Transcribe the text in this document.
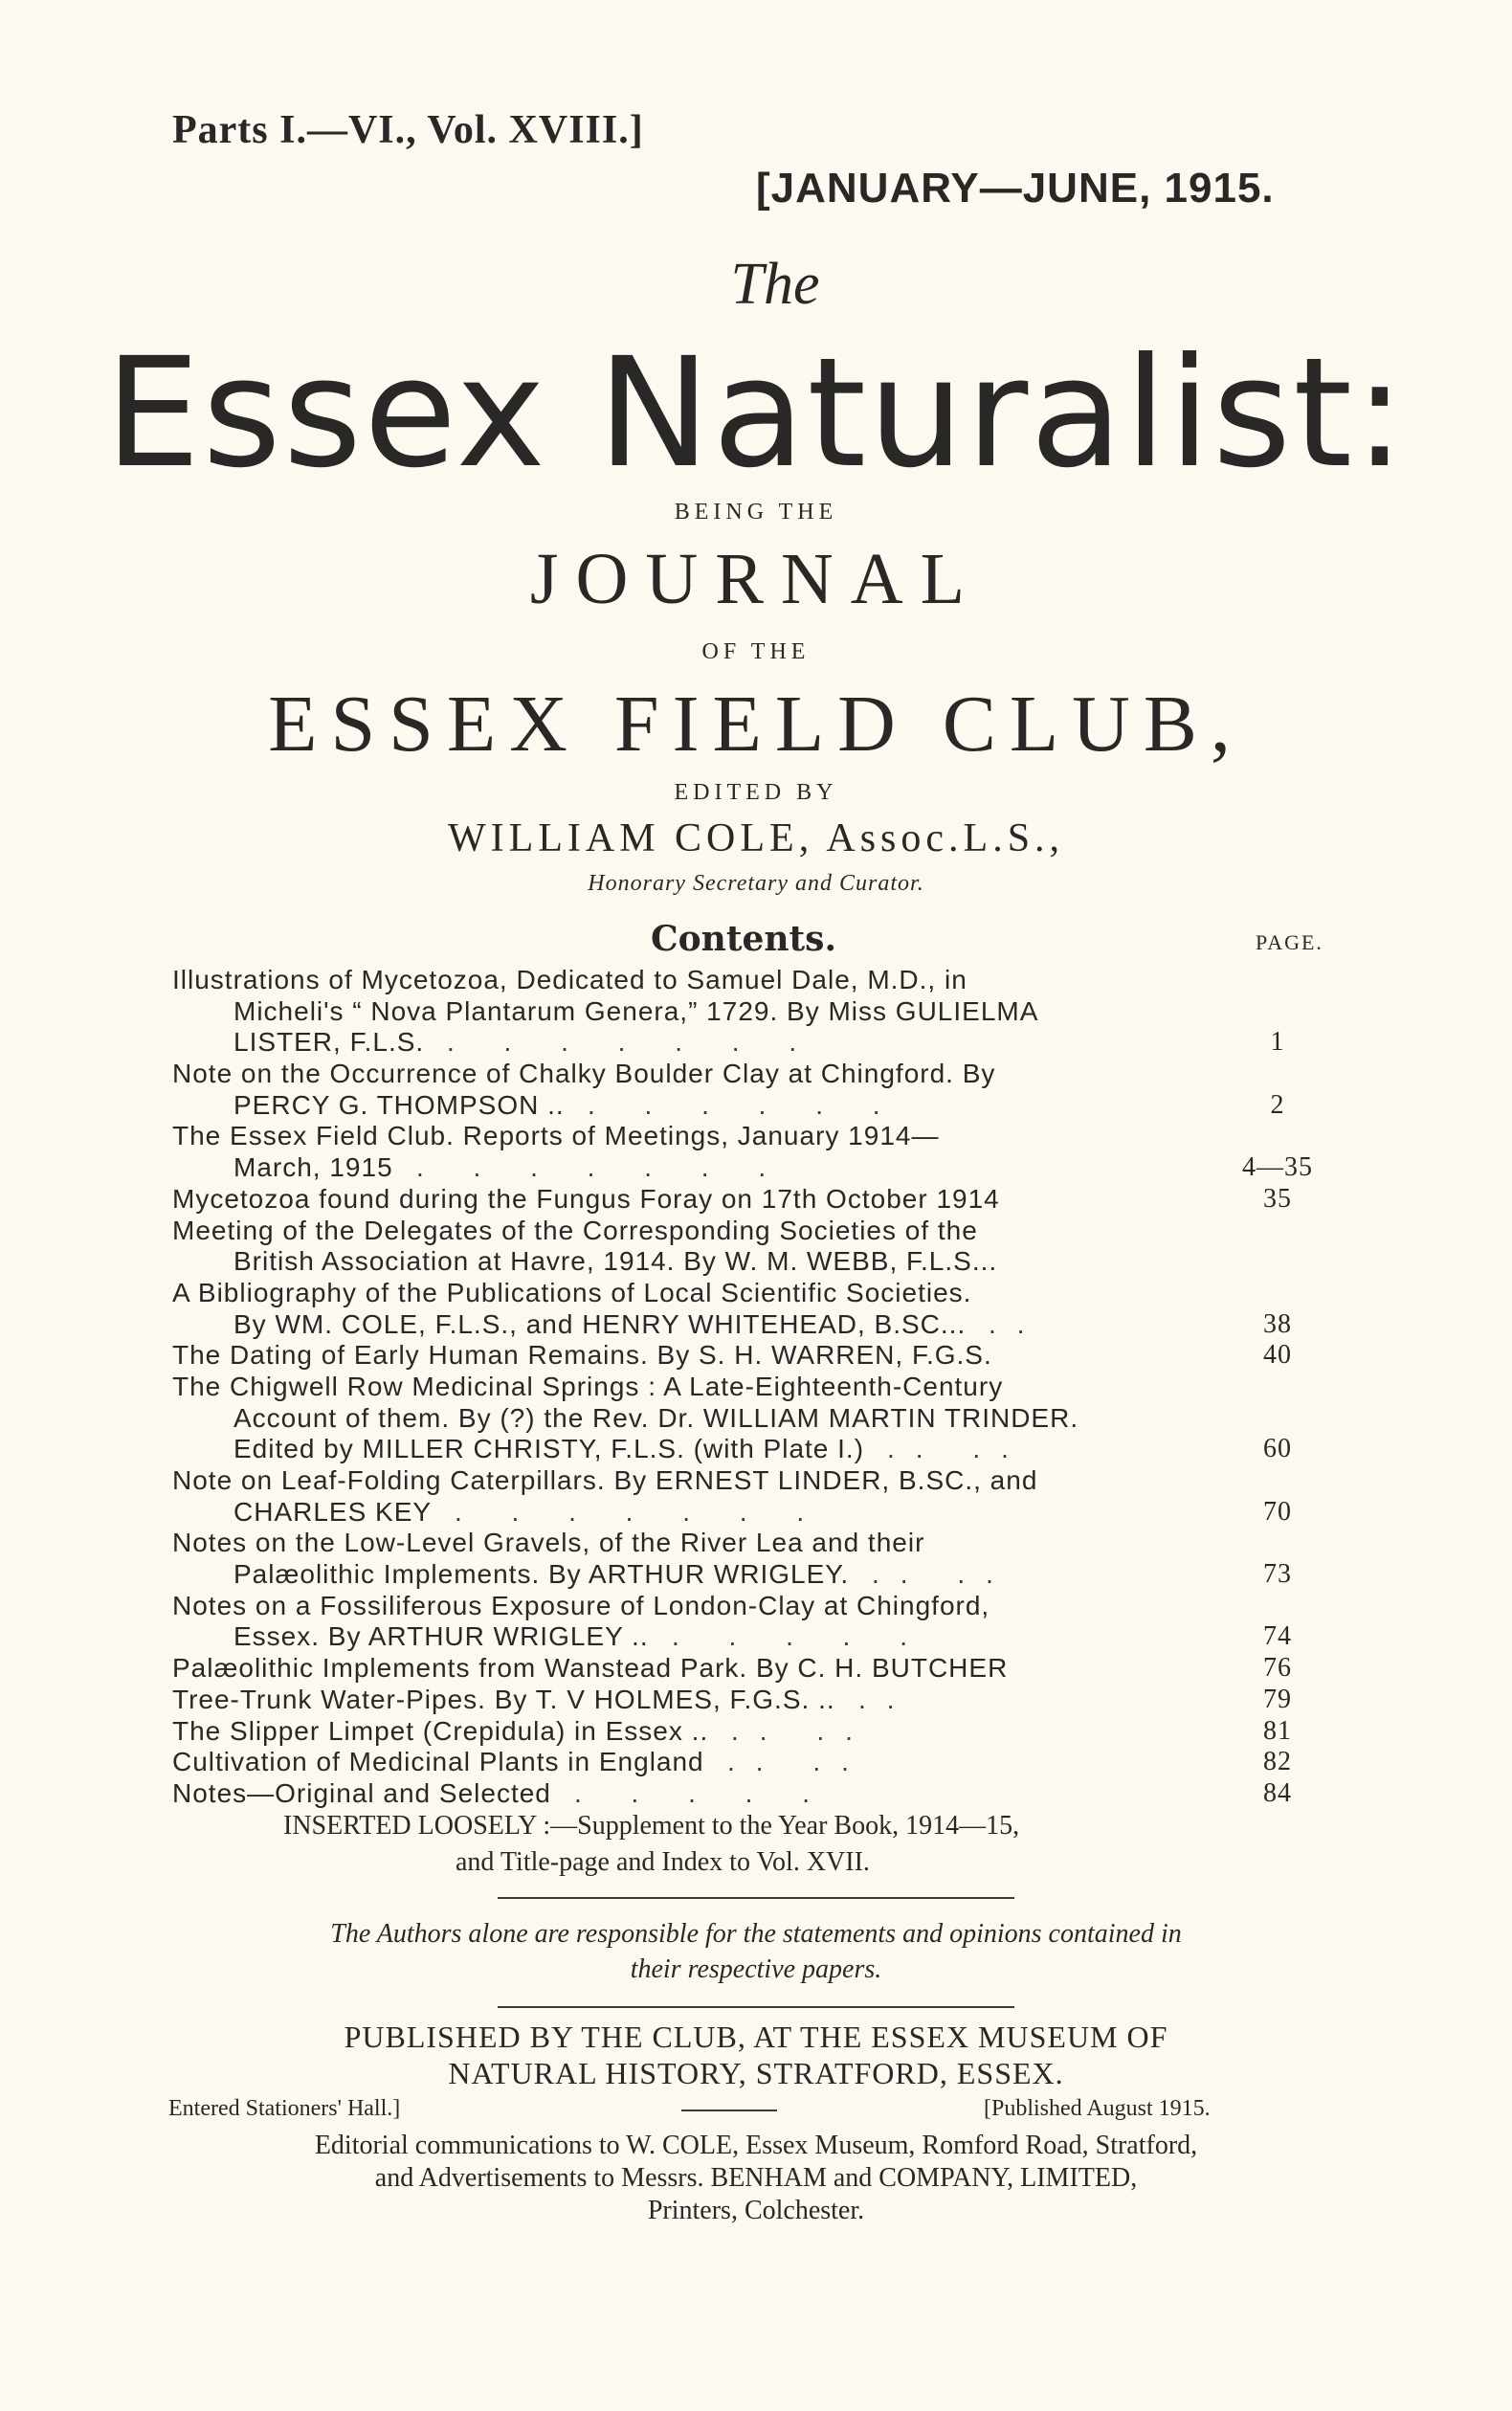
Parts I.—VI., Vol. XVIII.]
[JANUARY—JUNE, 1915.
The
Essex Naturalist:
BEING THE
JOURNAL
OF THE
ESSEX FIELD CLUB,
EDITED BY
WILLIAM COLE, Assoc.L.S.,
Honorary Secretary and Curator.
Contents.	PAGE.
Illustrations of Mycetozoa, Dedicated to Samuel Dale, M.D., in
Micheli's “ Nova Plantarum Genera,” 1729. By Miss GULIELMA
LISTER, F.L.S. . . . . . . .	1
Note on the Occurrence of Chalky Boulder Clay at Chingford. By
PERCY G. THOMPSON .. . . . . . .	2
The Essex Field Club. Reports of Meetings, January 1914—
March, 1915 . . . . . . .	4—35
Mycetozoa found during the Fungus Foray on 17th October 1914	35
Meeting of the Delegates of the Corresponding Societies of the
British Association at Havre, 1914. By W. M. WEBB, F.L.S...
A Bibliography of the Publications of Local Scientific Societies.
By WM. COLE, F.L.S., and HENRY WHITEHEAD, B.SC... ..	38
The Dating of Early Human Remains. By S. H. WARREN, F.G.S.	40
The Chigwell Row Medicinal Springs : A Late-Eighteenth-Century
Account of them. By (?) the Rev. Dr. WILLIAM MARTIN TRINDER.
Edited by MILLER CHRISTY, F.L.S. (with Plate I.) .. ..	60
Note on Leaf-Folding Caterpillars. By ERNEST LINDER, B.SC., and
CHARLES KEY . . . . . . .	70
Notes on the Low-Level Gravels, of the River Lea and their
Palæolithic Implements. By ARTHUR WRIGLEY. .. ..	73
Notes on a Fossiliferous Exposure of London-Clay at Chingford,
Essex. By ARTHUR WRIGLEY .. . . . . .	74
Palæolithic Implements from Wanstead Park. By C. H. BUTCHER	76
Tree-Trunk Water-Pipes. By T. V HOLMES, F.G.S. .. ..	79
The Slipper Limpet (Crepidula) in Essex .. .. ..	81
Cultivation of Medicinal Plants in England .. ..	82
Notes—Original and Selected . . . . .	84
INSERTED LOOSELY :—Supplement to the Year Book, 1914—15,
and Title-page and Index to Vol. XVII.
The Authors alone are responsible for the statements and opinions contained in
their respective papers.
PUBLISHED BY THE CLUB, AT THE ESSEX MUSEUM OF
NATURAL HISTORY, STRATFORD, ESSEX.
Entered Stationers' Hall.]	[Published August 1915.
Editorial communications to W. COLE, Essex Museum, Romford Road, Stratford,
and Advertisements to Messrs. BENHAM and COMPANY, LIMITED,
Printers, Colchester.
